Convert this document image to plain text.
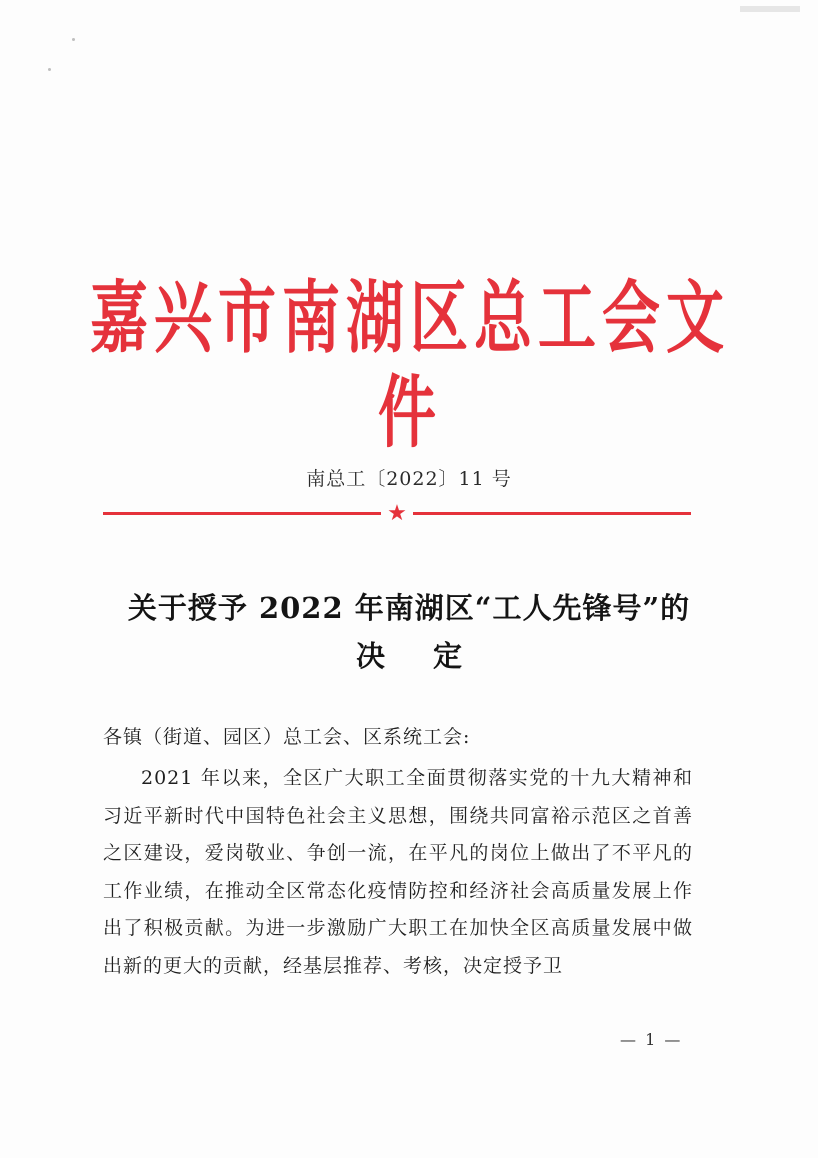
嘉兴市南湖区总工会文件
南总工〔2022〕11 号
★
关于授予 2022 年南湖区“工人先锋号”的
决定
各镇（街道、园区）总工会、区系统工会:

2021 年以来，全区广大职工全面贯彻落实党的十九大精神和习近平新时代中国特色社会主义思想，围绕共同富裕示范区之首善之区建设，爱岗敬业、争创一流，在平凡的岗位上做出了不平凡的工作业绩，在推动全区常态化疫情防控和经济社会高质量发展上作出了积极贡献。为进一步激励广大职工在加快全区高质量发展中做出新的更大的贡献，经基层推荐、考核，决定授予卫

— 1 —
